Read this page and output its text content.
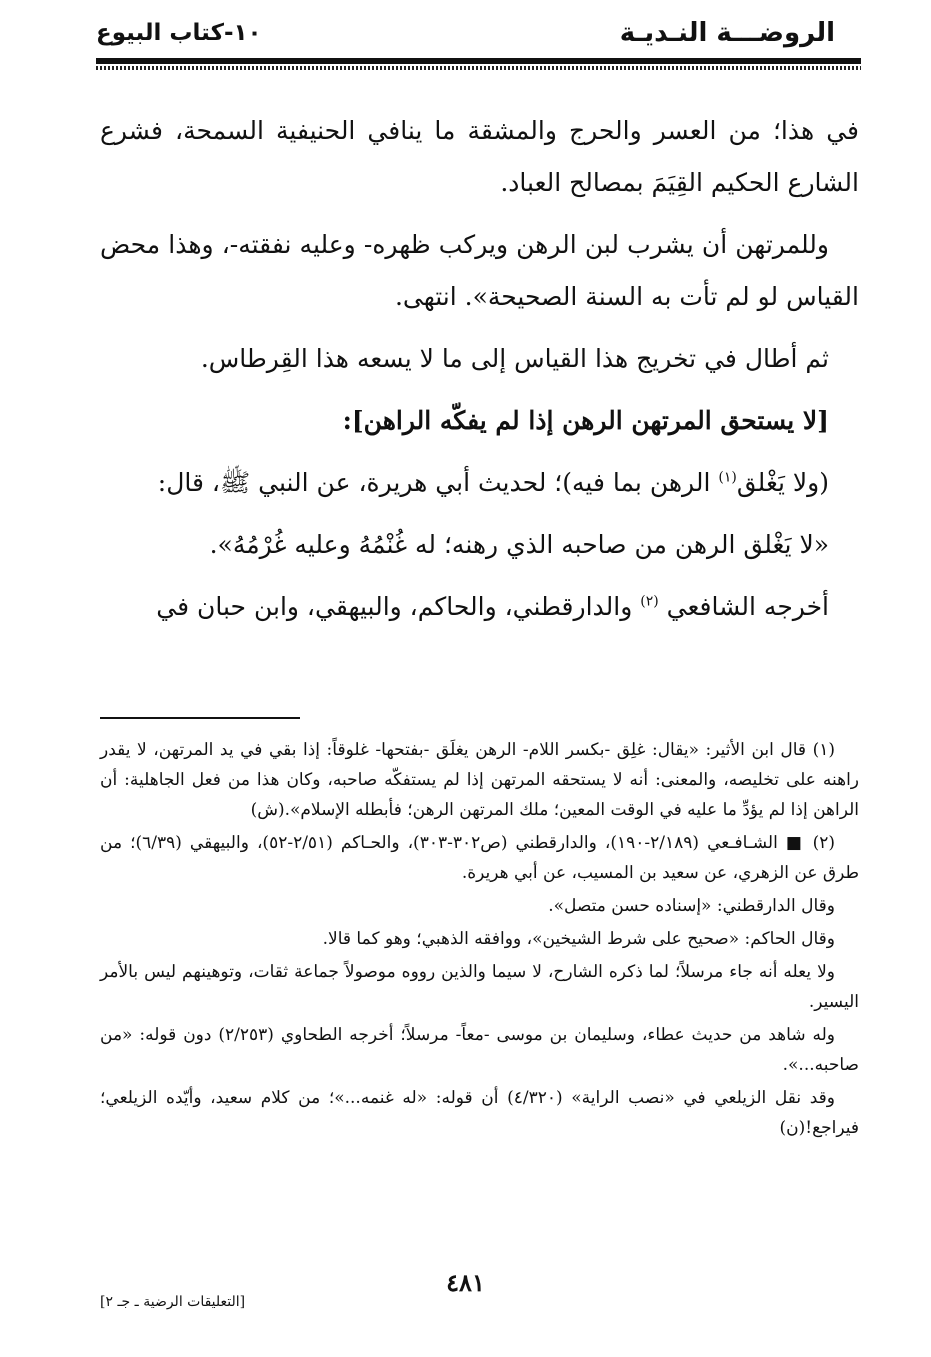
الروضـــة النـديـة
١٠-كتاب البيوع

في هذا؛ من العسر والحرج والمشقة ما ينافي الحنيفية السمحة، فشرع الشارع الحكيم القِيَمَ بمصالح العباد.

وللمرتهن أن يشرب لبن الرهن ويركب ظهره- وعليه نفقته-، وهذا محض القياس لو لم تأت به السنة الصحيحة». انتهى.

ثم أطال في تخريج هذا القياس إلى ما لا يسعه هذا القِرطاس.

[لا يستحق المرتهن الرهن إذا لم يفكّه الراهن]:

(ولا يَغْلق$^{(١)}$ الرهن بما فيه)؛ لحديث أبي هريرة، عن النبي ﷺ، قال:

«لا يَغْلق الرهن من صاحبه الذي رهنه؛ له غُنْمُهُ وعليه غُرْمُهُ».

أخرجه الشافعي $^{(٢)}$ والدارقطني، والحاكم، والبيهقي، وابن حبان في

(١) قال ابن الأثير: «يقال: غلِق -بكسر اللام- الرهن يغلَق -بفتحها- غلوقاً: إذا بقي في يد المرتهن، لا يقدر راهنه على تخليصه، والمعنى: أنه لا يستحقه المرتهن إذا لم يستفكّه صاحبه، وكان هذا من فعل الجاهلية: أن الراهن إذا لم يؤدِّ ما عليه في الوقت المعين؛ ملك المرتهن الرهن؛ فأبطله الإسلام».(ش)

(٢) ■ الشـافـعي (٢/١٨٩-١٩٠)، والدارقطني (ص٣٠٢-٣٠٣)، والحـاكم (٢/٥١-٥٢)، والبيهقي (٦/٣٩)؛ من طرق عن الزهري، عن سعيد بن المسيب، عن أبي هريرة.

وقال الدارقطني: «إسناده حسن متصل».

وقال الحاكم: «صحيح على شرط الشيخين»، ووافقه الذهبي؛ وهو كما قالا.

ولا يعله أنه جاء مرسلاً؛ لما ذكره الشارح، لا سيما والذين رووه موصولاً جماعة ثقات، وتوهينهم ليس بالأمر اليسير.

وله شاهد من حديث عطاء، وسليمان بن موسى -معاً- مرسلاً؛ أخرجه الطحاوي (٢/٢٥٣) دون قوله: «من صاحبه...».

وقد نقل الزيلعي في «نصب الراية» (٤/٣٢٠) أن قوله: «له غنمه...»؛ من كلام سعيد، وأيّده الزيلعي؛ فيراجع!(ن)

٤٨١
[التعليقات الرضية ـ جـ ٢]
